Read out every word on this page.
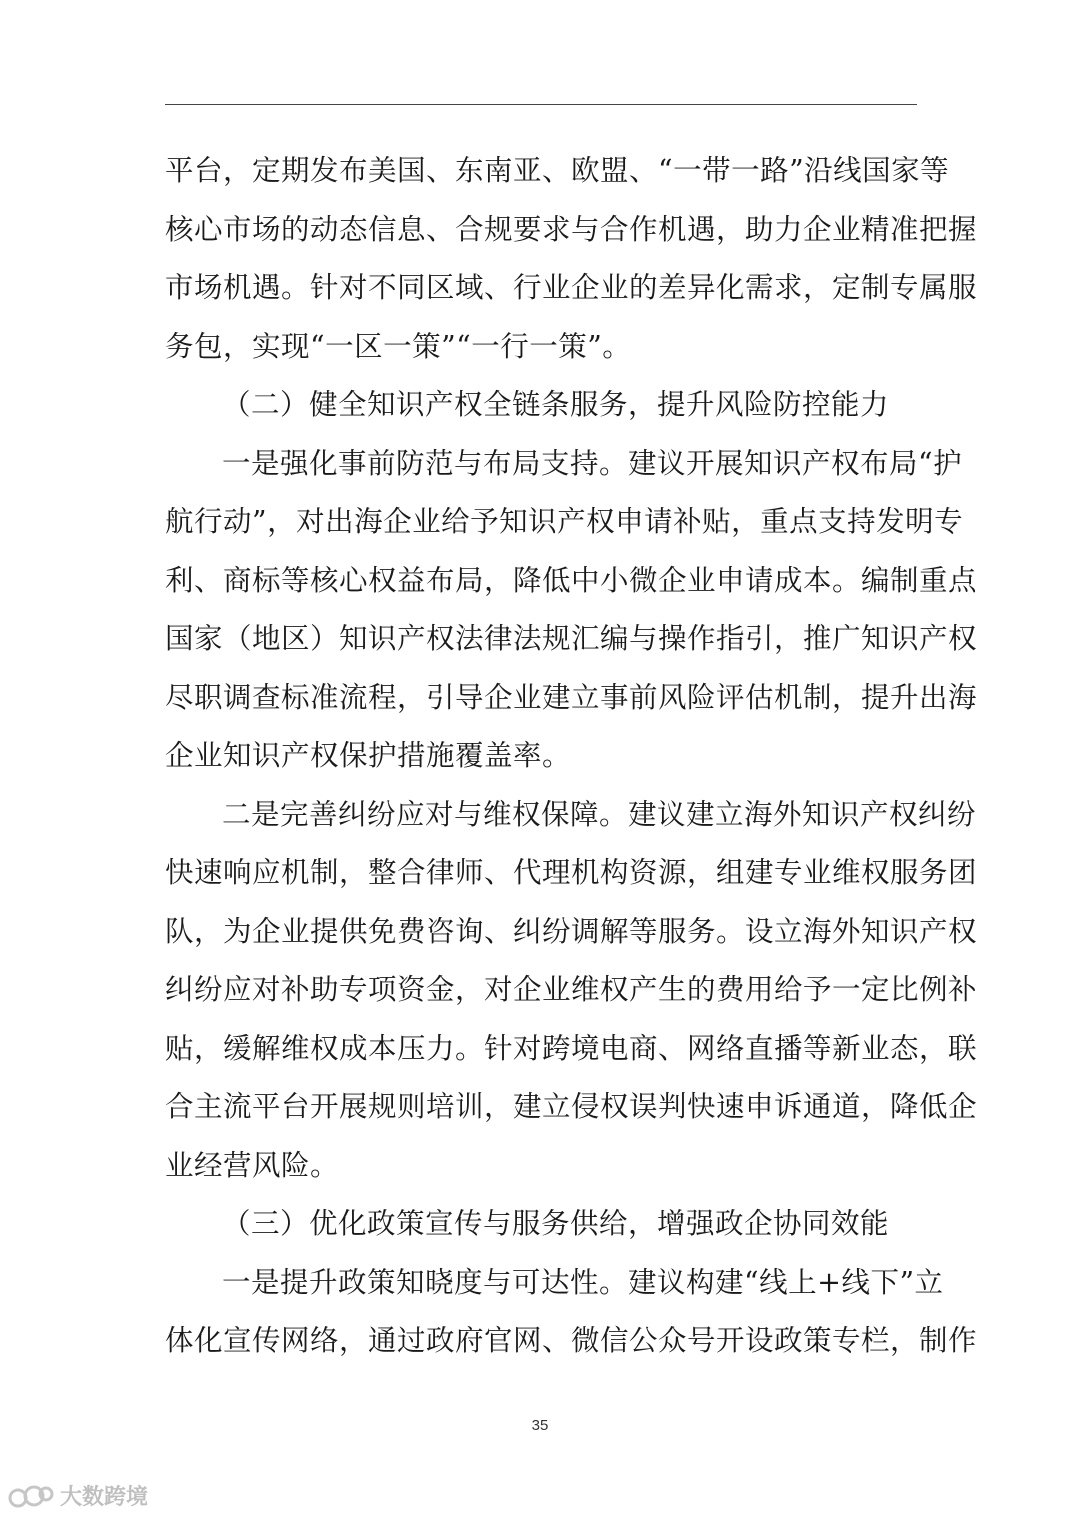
平台，定期发布美国、东南亚、欧盟、“一带一路”沿线国家等
核心市场的动态信息、合规要求与合作机遇，助力企业精准把握
市场机遇。针对不同区域、行业企业的差异化需求，定制专属服
务包，实现“一区一策”“一行一策”。
（二）健全知识产权全链条服务，提升风险防控能力
一是强化事前防范与布局支持。建议开展知识产权布局“护
航行动”，对出海企业给予知识产权申请补贴，重点支持发明专
利、商标等核心权益布局，降低中小微企业申请成本。编制重点
国家（地区）知识产权法律法规汇编与操作指引，推广知识产权
尽职调查标准流程，引导企业建立事前风险评估机制，提升出海
企业知识产权保护措施覆盖率。
二是完善纠纷应对与维权保障。建议建立海外知识产权纠纷
快速响应机制，整合律师、代理机构资源，组建专业维权服务团
队，为企业提供免费咨询、纠纷调解等服务。设立海外知识产权
纠纷应对补助专项资金，对企业维权产生的费用给予一定比例补
贴，缓解维权成本压力。针对跨境电商、网络直播等新业态，联
合主流平台开展规则培训，建立侵权误判快速申诉通道，降低企
业经营风险。
（三）优化政策宣传与服务供给，增强政企协同效能
一是提升政策知晓度与可达性。建议构建“线上+线下”立
体化宣传网络，通过政府官网、微信公众号开设政策专栏，制作
35
大数跨境
